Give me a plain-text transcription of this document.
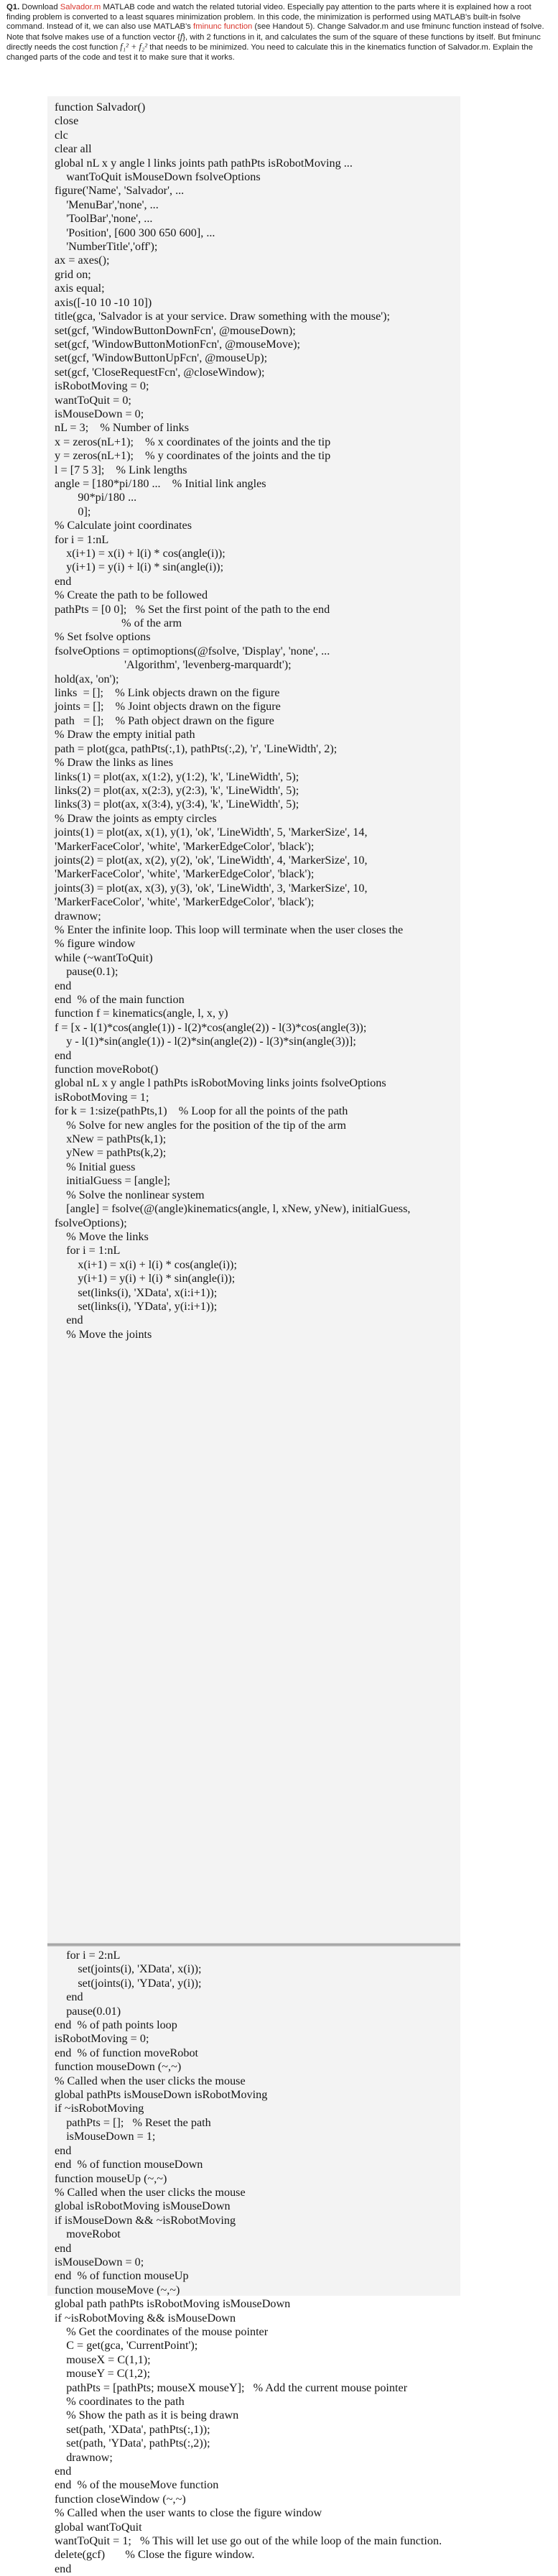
Q1. Download Salvador.m MATLAB code and watch the related tutorial video. Especially pay attention to the parts where it is explained how a root finding problem is converted to a least squares minimization problem. In this code, the minimization is performed using MATLAB's built-in fsolve command. Instead of it, we can also use MATLAB's fminunc function (see Handout 5). Change Salvador.m and use fminunc function instead of fsolve. Note that fsolve makes use of a function vector {f}, with 2 functions in it, and calculates the sum of the square of these functions by itself. But fminunc directly needs the cost function f₁² + f₂² that needs to be minimized. You need to calculate this in the kinematics function of Salvador.m. Explain the changed parts of the code and test it to make sure that it works.
function Salvador()
close
clc
clear all
global nL x y angle l links joints path pathPts isRobotMoving ...
wantToQuit isMouseDown fsolveOptions
figure('Name', 'Salvador', ...
'MenuBar','none', ...
'ToolBar','none', ...
'Position', [600 300 650 600], ...
'NumberTitle','off');
ax = axes();
grid on;
axis equal;
axis([-10 10 -10 10])
title(gca, 'Salvador is at your service. Draw something with the mouse');
set(gcf, 'WindowButtonDownFcn', @mouseDown);
set(gcf, 'WindowButtonMotionFcn', @mouseMove);
set(gcf, 'WindowButtonUpFcn', @mouseUp);
set(gcf, 'CloseRequestFcn', @closeWindow);
isRobotMoving = 0;
wantToQuit = 0;
isMouseDown = 0;
nL = 3;    % Number of links
x = zeros(nL+1);    % x coordinates of the joints and the tip
y = zeros(nL+1);    % y coordinates of the joints and the tip
l = [7 5 3];    % Link lengths
angle = [180*pi/180 ...    % Initial link angles
90*pi/180 ...
0];
% Calculate joint coordinates
for i = 1:nL
x(i+1) = x(i) + l(i) * cos(angle(i));
y(i+1) = y(i) + l(i) * sin(angle(i));
end
% Create the path to be followed
pathPts = [0 0];   % Set the first point of the path to the end
% of the arm
% Set fsolve options
fsolveOptions = optimoptions(@fsolve, 'Display', 'none', ...
'Algorithm', 'levenberg-marquardt');
hold(ax, 'on');
links  = [];    % Link objects drawn on the figure
joints = [];    % Joint objects drawn on the figure
path   = [];    % Path object drawn on the figure
% Draw the empty initial path
path = plot(gca, pathPts(:,1), pathPts(:,2), 'r', 'LineWidth', 2);
% Draw the links as lines
links(1) = plot(ax, x(1:2), y(1:2), 'k', 'LineWidth', 5);
links(2) = plot(ax, x(2:3), y(2:3), 'k', 'LineWidth', 5);
links(3) = plot(ax, x(3:4), y(3:4), 'k', 'LineWidth', 5);
% Draw the joints as empty circles
joints(1) = plot(ax, x(1), y(1), 'ok', 'LineWidth', 5, 'MarkerSize', 14, 'MarkerFaceColor', 'white', 'MarkerEdgeColor', 'black');
joints(2) = plot(ax, x(2), y(2), 'ok', 'LineWidth', 4, 'MarkerSize', 10, 'MarkerFaceColor', 'white', 'MarkerEdgeColor', 'black');
joints(3) = plot(ax, x(3), y(3), 'ok', 'LineWidth', 3, 'MarkerSize', 10, 'MarkerFaceColor', 'white', 'MarkerEdgeColor', 'black');
drawnow;
% Enter the infinite loop. This loop will terminate when the user closes the
% figure window
while (~wantToQuit)
pause(0.1);
end
end  % of the main function
function f = kinematics(angle, l, x, y)
f = [x - l(1)*cos(angle(1)) - l(2)*cos(angle(2)) - l(3)*cos(angle(3));
y - l(1)*sin(angle(1)) - l(2)*sin(angle(2)) - l(3)*sin(angle(3))];
end
function moveRobot()
global nL x y angle l pathPts isRobotMoving links joints fsolveOptions
isRobotMoving = 1;
for k = 1:size(pathPts,1)    % Loop for all the points of the path
% Solve for new angles for the position of the tip of the arm
xNew = pathPts(k,1);
yNew = pathPts(k,2);
% Initial guess
initialGuess = [angle];
% Solve the nonlinear system
[angle] = fsolve(@(angle)kinematics(angle, l, xNew, yNew), initialGuess, fsolveOptions);
% Move the links
for i = 1:nL
x(i+1) = x(i) + l(i) * cos(angle(i));
y(i+1) = y(i) + l(i) * sin(angle(i));
set(links(i), 'XData', x(i:i+1));
set(links(i), 'YData', y(i:i+1));
end
% Move the joints
for i = 2:nL
set(joints(i), 'XData', x(i));
set(joints(i), 'YData', y(i));
end
pause(0.01)
end  % of path points loop
isRobotMoving = 0;
end  % of function moveRobot
function mouseDown (~,~)
% Called when the user clicks the mouse
global pathPts isMouseDown isRobotMoving
if ~isRobotMoving
pathPts = [];   % Reset the path
isMouseDown = 1;
end
end  % of function mouseDown
function mouseUp (~,~)
% Called when the user clicks the mouse
global isRobotMoving isMouseDown
if isMouseDown && ~isRobotMoving
moveRobot
end
isMouseDown = 0;
end  % of function mouseUp
function mouseMove (~,~)
global path pathPts isRobotMoving isMouseDown
if ~isRobotMoving && isMouseDown
% Get the coordinates of the mouse pointer
C = get(gca, 'CurrentPoint');
mouseX = C(1,1);
mouseY = C(1,2);
pathPts = [pathPts; mouseX mouseY];   % Add the current mouse pointer
% coordinates to the path
% Show the path as it is being drawn
set(path, 'XData', pathPts(:,1));
set(path, 'YData', pathPts(:,2));
drawnow;
end
end  % of the mouseMove function
function closeWindow (~,~)
% Called when the user wants to close the figure window
global wantToQuit
wantToQuit = 1;   % This will let use go out of the while loop of the main function.
delete(gcf)       % Close the figure window.
end
